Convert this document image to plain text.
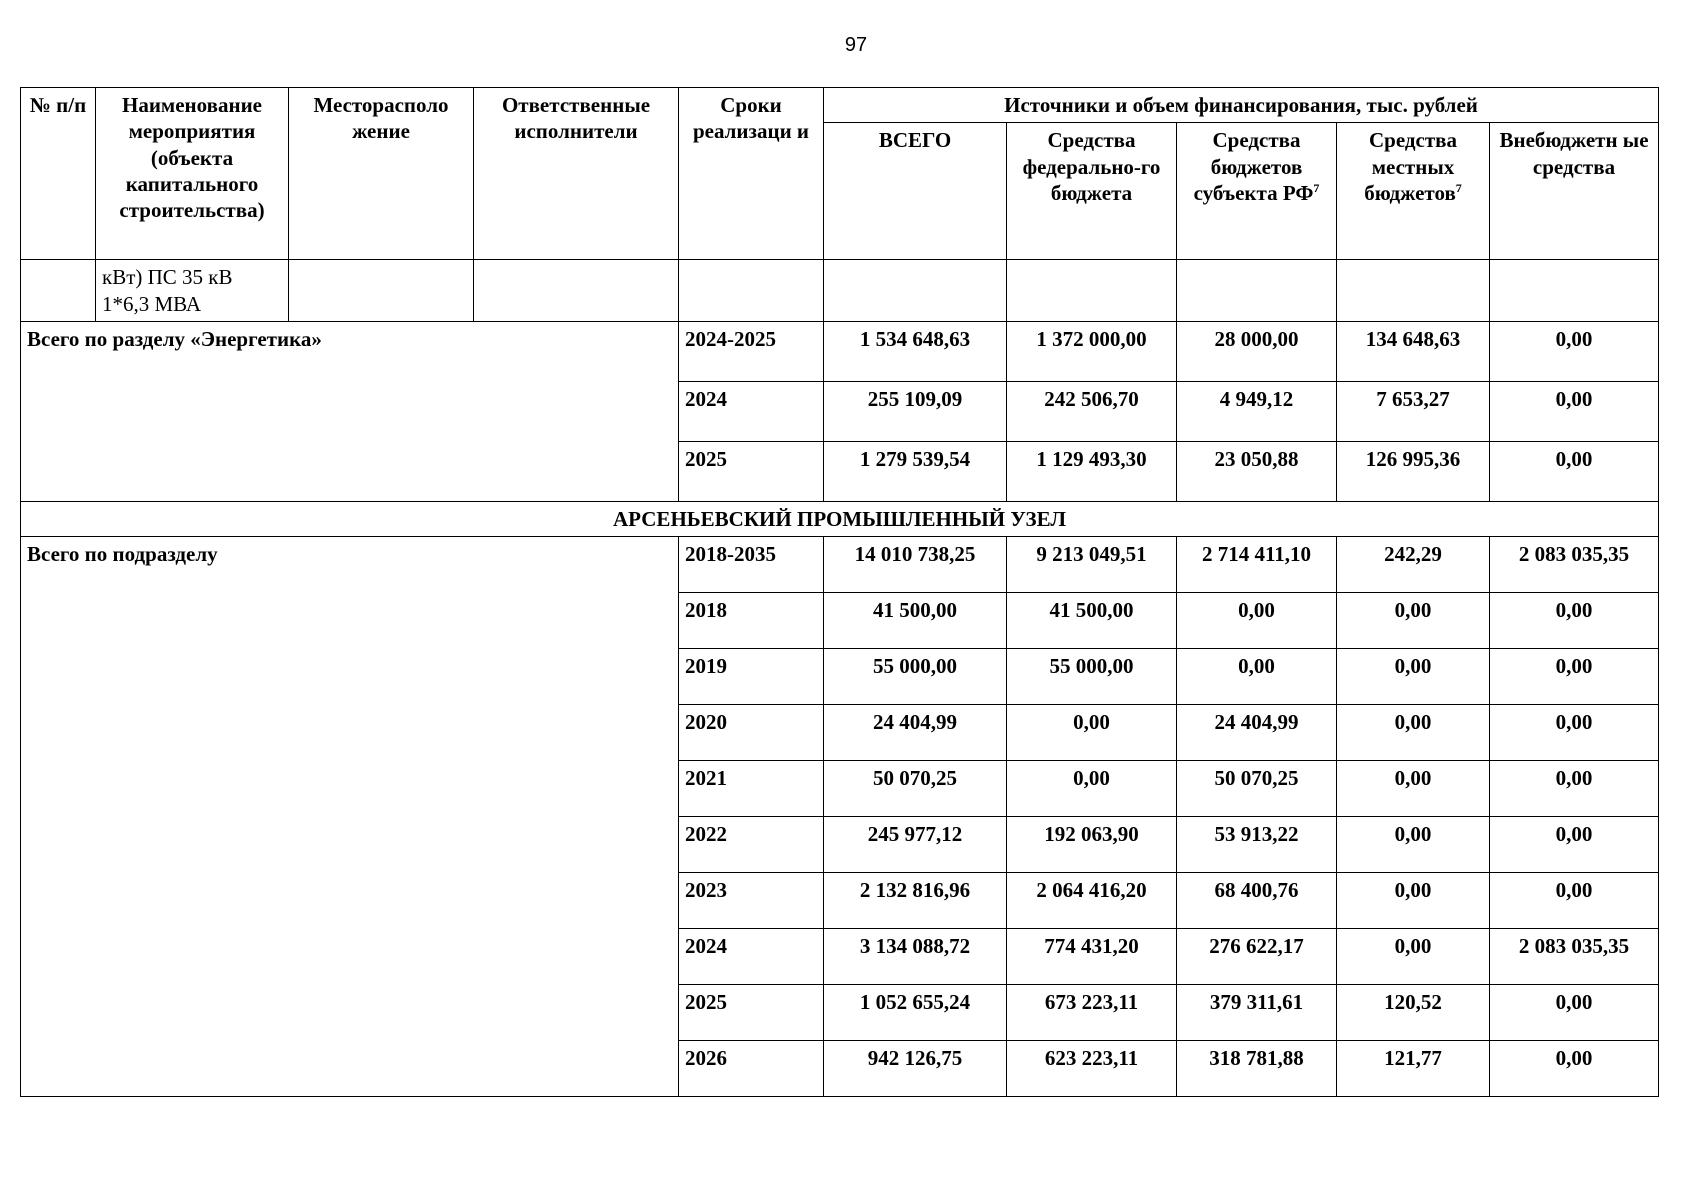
97
№ п/п	Наименование мероприятия (объекта капитального строительства)	Месторасполо жение	Ответственные исполнители	Сроки реализаци и	Источники и объем финансирования, тыс. рублей				
					ВСЕГО	Средства федерально-го бюджета	Средства бюджетов субъекта $РФ^7$	Средства местных бюджетов$^7$	Внебюджетн ые средства
	кВт) ПС 35 кВ 1*6,3 МВА								
Всего по разделу «Энергетика»				2024-2025	1 534 648,63	1 372 000,00	28 000,00	134 648,63	0,00
				2024	255 109,09	242 506,70	4 949,12	7 653,27	0,00
				2025	1 279 539,54	1 129 493,30	23 050,88	126 995,36	0,00
АРСЕНЬЕВСКИЙ ПРОМЫШЛЕННЫЙ УЗЕЛ									
Всего по подразделу				2018-2035	14 010 738,25	9 213 049,51	2 714 411,10	242,29	2 083 035,35
				2018	41 500,00	41 500,00	0,00	0,00	0,00
				2019	55 000,00	55 000,00	0,00	0,00	0,00
				2020	24 404,99	0,00	24 404,99	0,00	0,00
				2021	50 070,25	0,00	50 070,25	0,00	0,00
				2022	245 977,12	192 063,90	53 913,22	0,00	0,00
				2023	2 132 816,96	2 064 416,20	68 400,76	0,00	0,00
				2024	3 134 088,72	774 431,20	276 622,17	0,00	2 083 035,35
				2025	1 052 655,24	673 223,11	379 311,61	120,52	0,00
				2026	942 126,75	623 223,11	318 781,88	121,77	0,00
